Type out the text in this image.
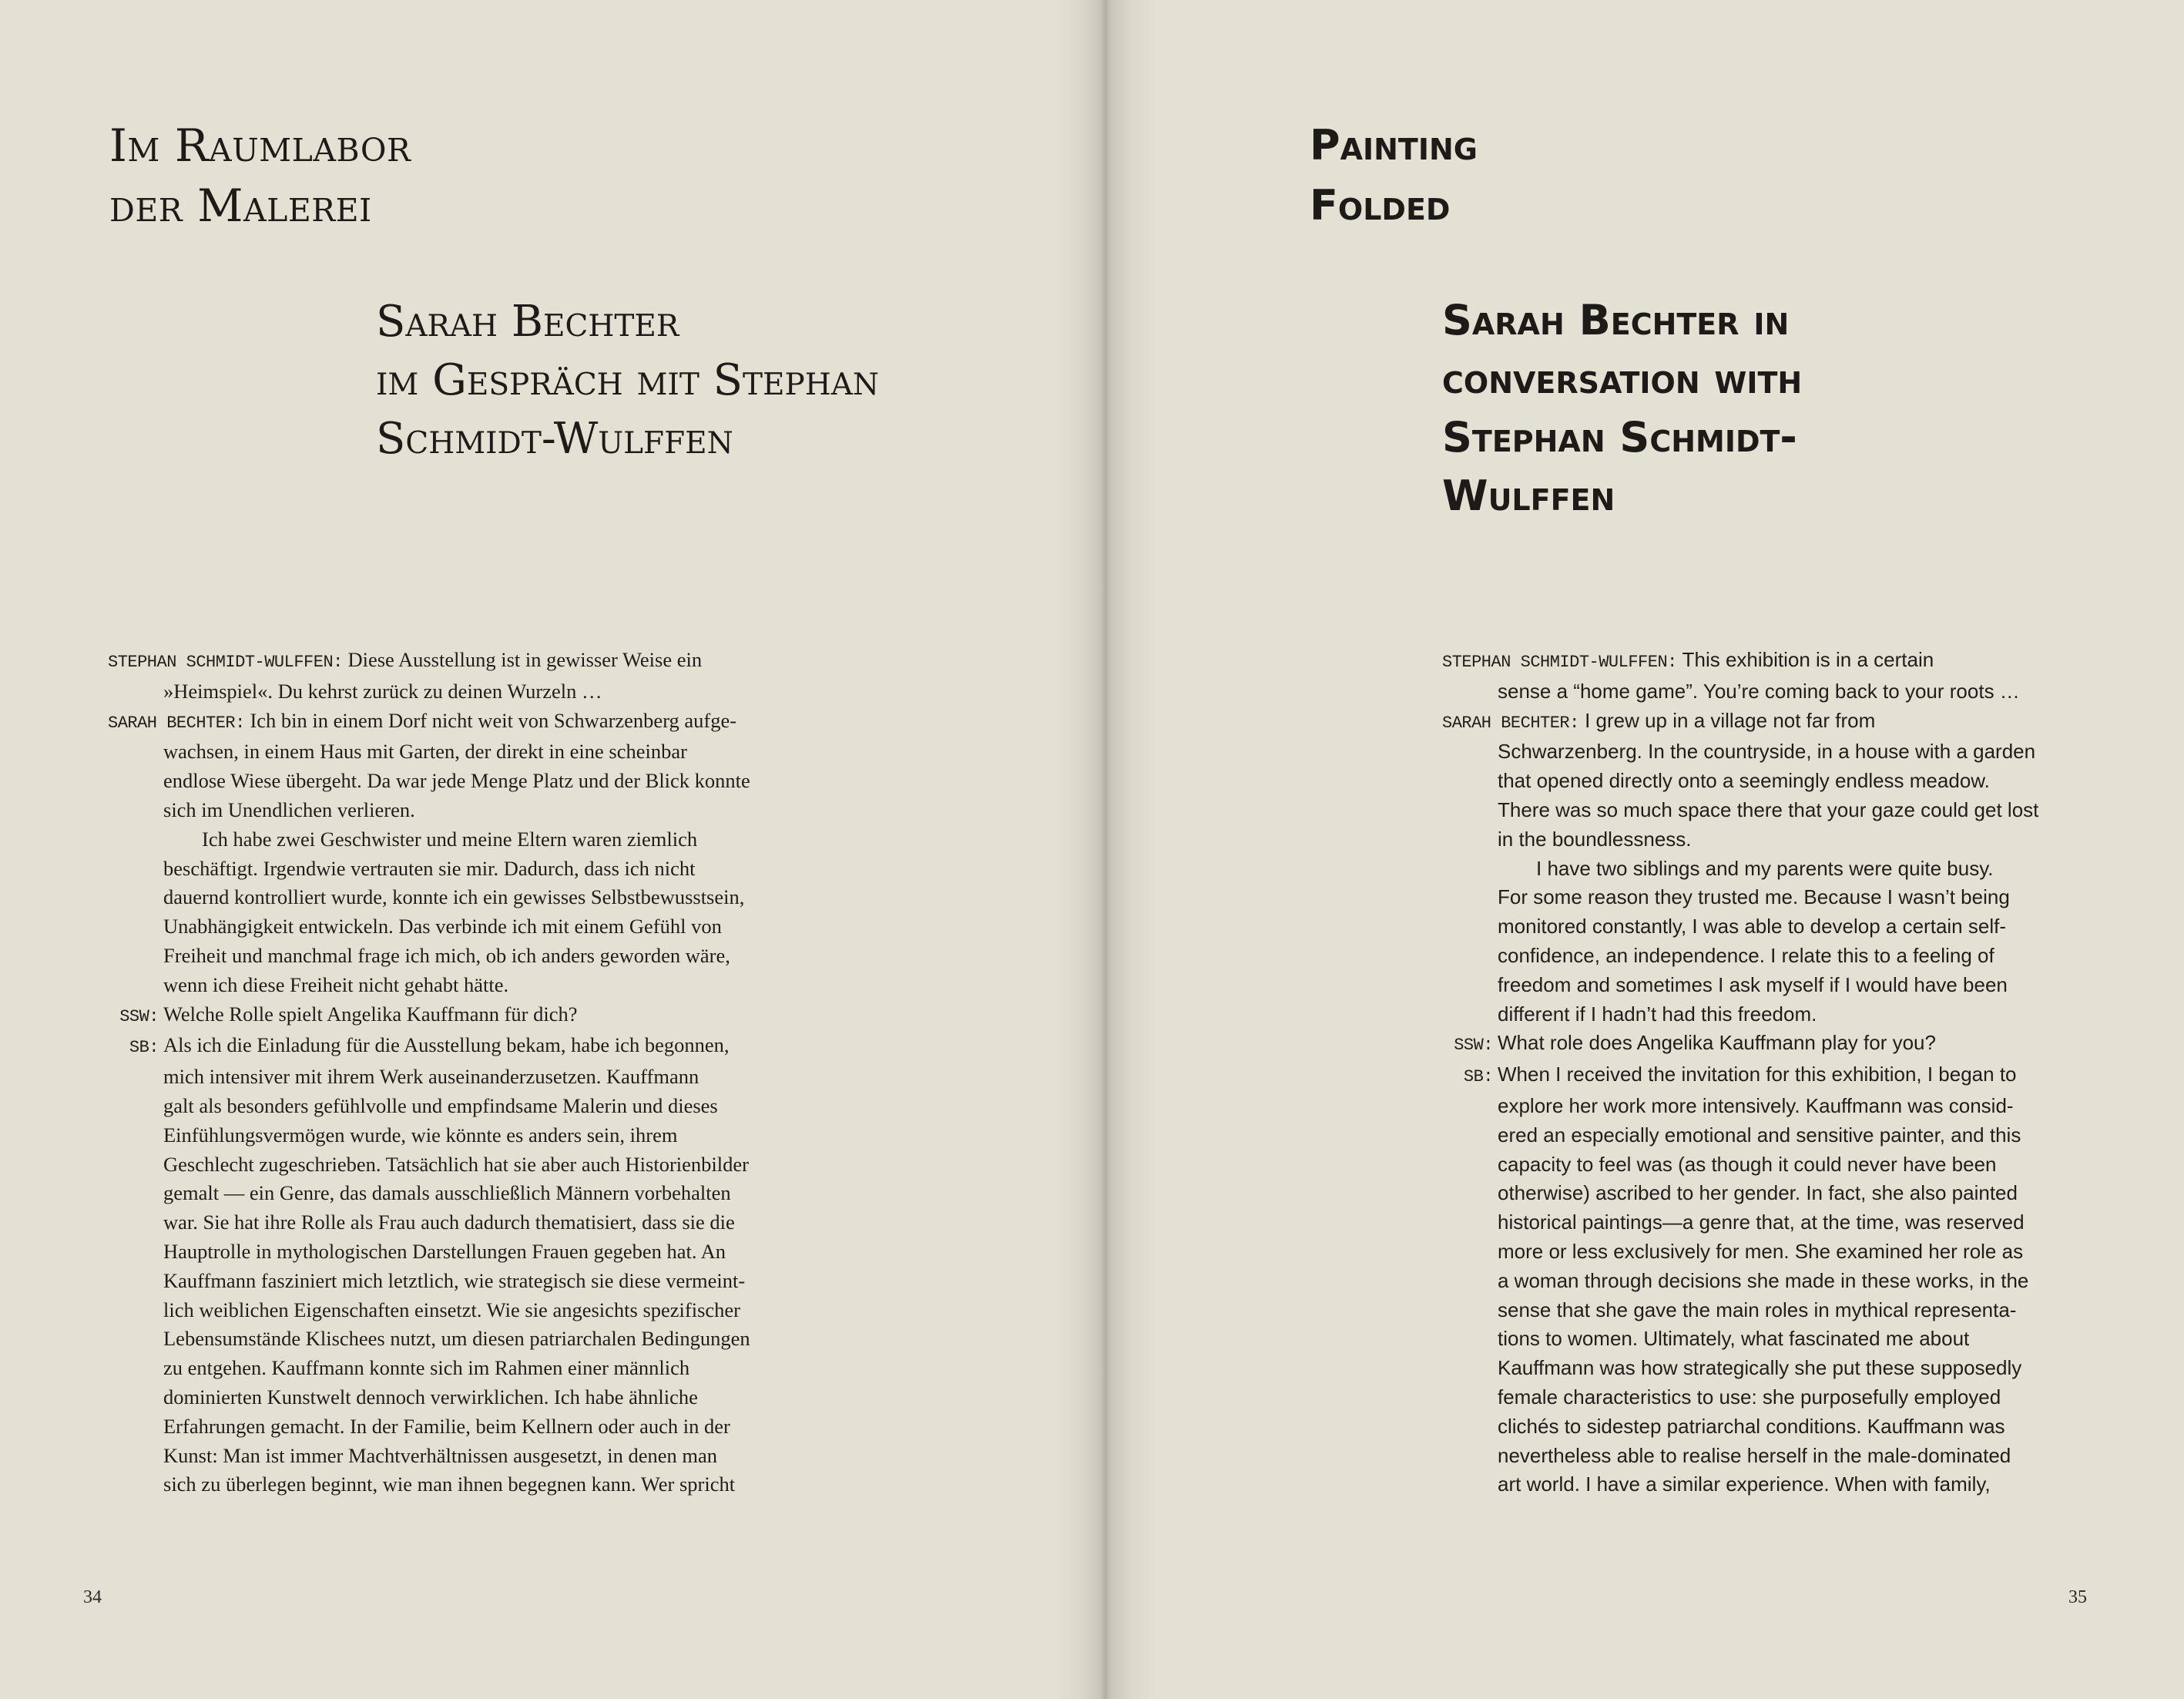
Im Raumlabor
der Malerei
Sarah Bechter
im Gespräch mit Stephan
Schmidt-Wulffen
STEPHAN SCHMIDT-WULFFEN: Diese Ausstellung ist in gewisser Weise ein
»Heimspiel«. Du kehrst zurück zu deinen Wurzeln …
SARAH BECHTER: Ich bin in einem Dorf nicht weit von Schwarzenberg aufge-
wachsen, in einem Haus mit Garten, der direkt in eine scheinbar
endlose Wiese übergeht. Da war jede Menge Platz und der Blick konnte
sich im Unendlichen verlieren.
Ich habe zwei Geschwister und meine Eltern waren ziemlich
beschäftigt. Irgendwie vertrauten sie mir. Dadurch, dass ich nicht
dauernd kontrolliert wurde, konnte ich ein gewisses Selbstbewusstsein,
Unabhängigkeit entwickeln. Das verbinde ich mit einem Gefühl von
Freiheit und manchmal frage ich mich, ob ich anders geworden wäre,
wenn ich diese Freiheit nicht gehabt hätte.
SSW: Welche Rolle spielt Angelika Kauffmann für dich?
SB: Als ich die Einladung für die Ausstellung bekam, habe ich begonnen,
mich intensiver mit ihrem Werk auseinanderzusetzen. Kauffmann
galt als besonders gefühlvolle und empfindsame Malerin und dieses
Einfühlungsvermögen wurde, wie könnte es anders sein, ihrem
Geschlecht zugeschrieben. Tatsächlich hat sie aber auch Historienbilder
gemalt — ein Genre, das damals ausschließlich Männern vorbehalten
war. Sie hat ihre Rolle als Frau auch dadurch thematisiert, dass sie die
Hauptrolle in mythologischen Darstellungen Frauen gegeben hat. An
Kauffmann fasziniert mich letztlich, wie strategisch sie diese vermeint-
lich weiblichen Eigenschaften einsetzt. Wie sie angesichts spezifischer
Lebensumstände Klischees nutzt, um diesen patriarchalen Bedingungen
zu entgehen. Kauffmann konnte sich im Rahmen einer männlich
dominierten Kunstwelt dennoch verwirklichen. Ich habe ähnliche
Erfahrungen gemacht. In der Familie, beim Kellnern oder auch in der
Kunst: Man ist immer Machtverhältnissen ausgesetzt, in denen man
sich zu überlegen beginnt, wie man ihnen begegnen kann. Wer spricht
34
Painting
Folded
Sarah Bechter in
conversation with
Stephan Schmidt-
Wulffen
STEPHAN SCHMIDT-WULFFEN: This exhibition is in a certain
sense a “home game”. You’re coming back to your roots …
SARAH BECHTER: I grew up in a village not far from
Schwarzenberg. In the countryside, in a house with a garden
that opened directly onto a seemingly endless meadow.
There was so much space there that your gaze could get lost
in the boundlessness.
I have two siblings and my parents were quite busy.
For some reason they trusted me. Because I wasn’t being
monitored constantly, I was able to develop a certain self-
confidence, an independence. I relate this to a feeling of
freedom and sometimes I ask myself if I would have been
different if I hadn’t had this freedom.
SSW: What role does Angelika Kauffmann play for you?
SB: When I received the invitation for this exhibition, I began to
explore her work more intensively. Kauffmann was consid-
ered an especially emotional and sensitive painter, and this
capacity to feel was (as though it could never have been
otherwise) ascribed to her gender. In fact, she also painted
historical paintings—a genre that, at the time, was reserved
more or less exclusively for men. She examined her role as
a woman through decisions she made in these works, in the
sense that she gave the main roles in mythical representa-
tions to women. Ultimately, what fascinated me about
Kauffmann was how strategically she put these supposedly
female characteristics to use: she purposefully employed
clichés to sidestep patriarchal conditions. Kauffmann was
nevertheless able to realise herself in the male-dominated
art world. I have a similar experience. When with family,
35
